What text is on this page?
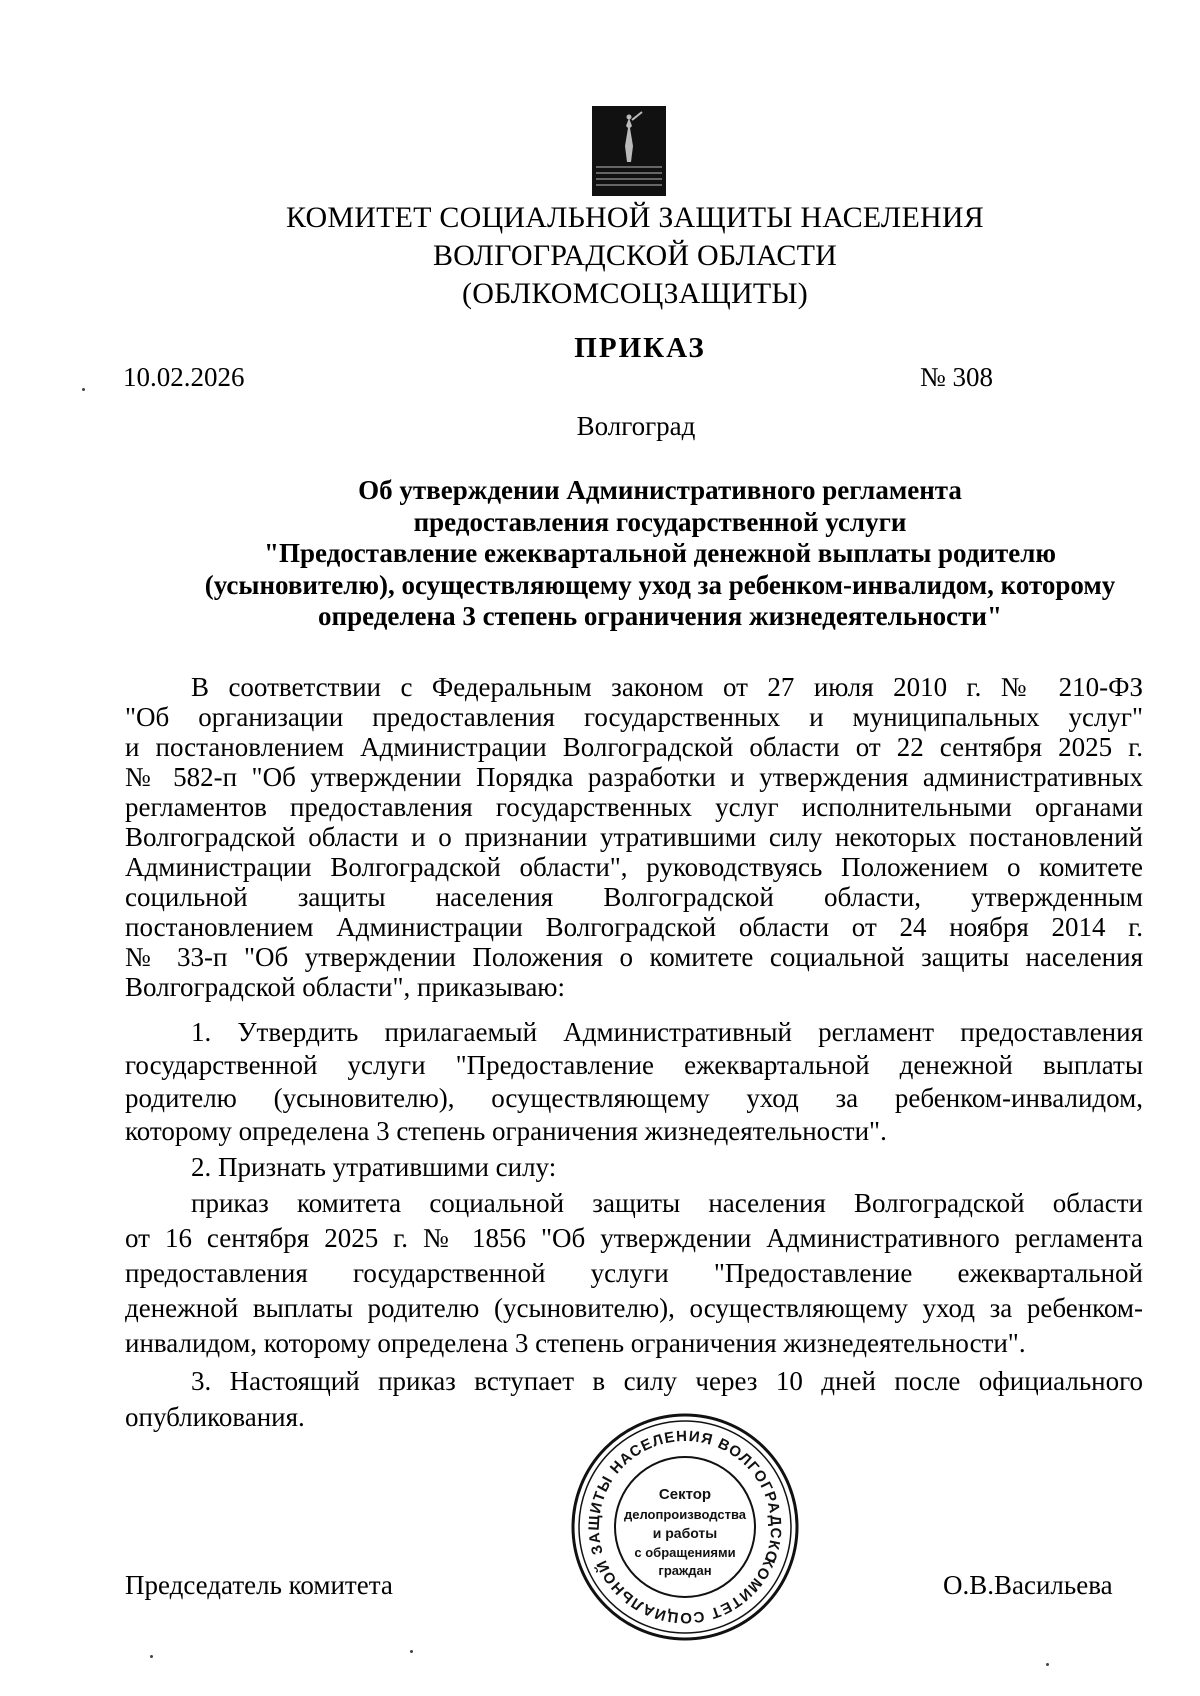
КОМИТЕТ СОЦИАЛЬНОЙ ЗАЩИТЫ НАСЕЛЕНИЯ
ВОЛГОГРАДСКОЙ ОБЛАСТИ
(ОБЛКОМСОЦЗАЩИТЫ)
ПРИКАЗ
10.02.2026	№ 308
Волгоград
Об утверждении Административного регламента
предоставления государственной услуги
"Предоставление ежеквартальной денежной выплаты родителю
(усыновителю), осуществляющему уход за ребенком-инвалидом, которому
определена 3 степень ограничения жизнедеятельности"
В соответствии с Федеральным законом от 27 июля 2010 г. № 210-ФЗ
"Об организации предоставления государственных и муниципальных услуг"
и постановлением Администрации Волгоградской области от 22 сентября 2025 г.
№ 582-п "Об утверждении Порядка разработки и утверждения административных
регламентов предоставления государственных услуг исполнительными органами
Волгоградской области и о признании утратившими силу некоторых постановлений
Администрации Волгоградской области", руководствуясь Положением о комитете
социльной защиты населения Волгоградской области, утвержденным
постановлением Администрации Волгоградской области от 24 ноября 2014 г.
№ 33-п "Об утверждении Положения о комитете социальной защиты населения
Волгоградской области", приказываю:
1. Утвердить прилагаемый Административный регламент предоставления
государственной услуги "Предоставление ежеквартальной денежной выплаты
родителю (усыновителю), осуществляющему уход за ребенком-инвалидом,
которому определена 3 степень ограничения жизнедеятельности".
2. Признать утратившими силу:
приказ комитета социальной защиты населения Волгоградской области
от 16 сентября 2025 г. № 1856 "Об утверждении Административного регламента
предоставления государственной услуги "Предоставление ежеквартальной
денежной выплаты родителю (усыновителю), осуществляющему уход за ребенком-
инвалидом, которому определена 3 степень ограничения жизнедеятельности".
3. Настоящий приказ вступает в силу через 10 дней после официального
опубликования.
Председатель комитета	О.В.Васильева
КОМИТЕТ СОЦИАЛЬНОЙ ЗАЩИТЫ НАСЕЛЕНИЯ ВОЛГОГРАДСКО
Сектор
делопроизводства
и работы
с обращениями
граждан
